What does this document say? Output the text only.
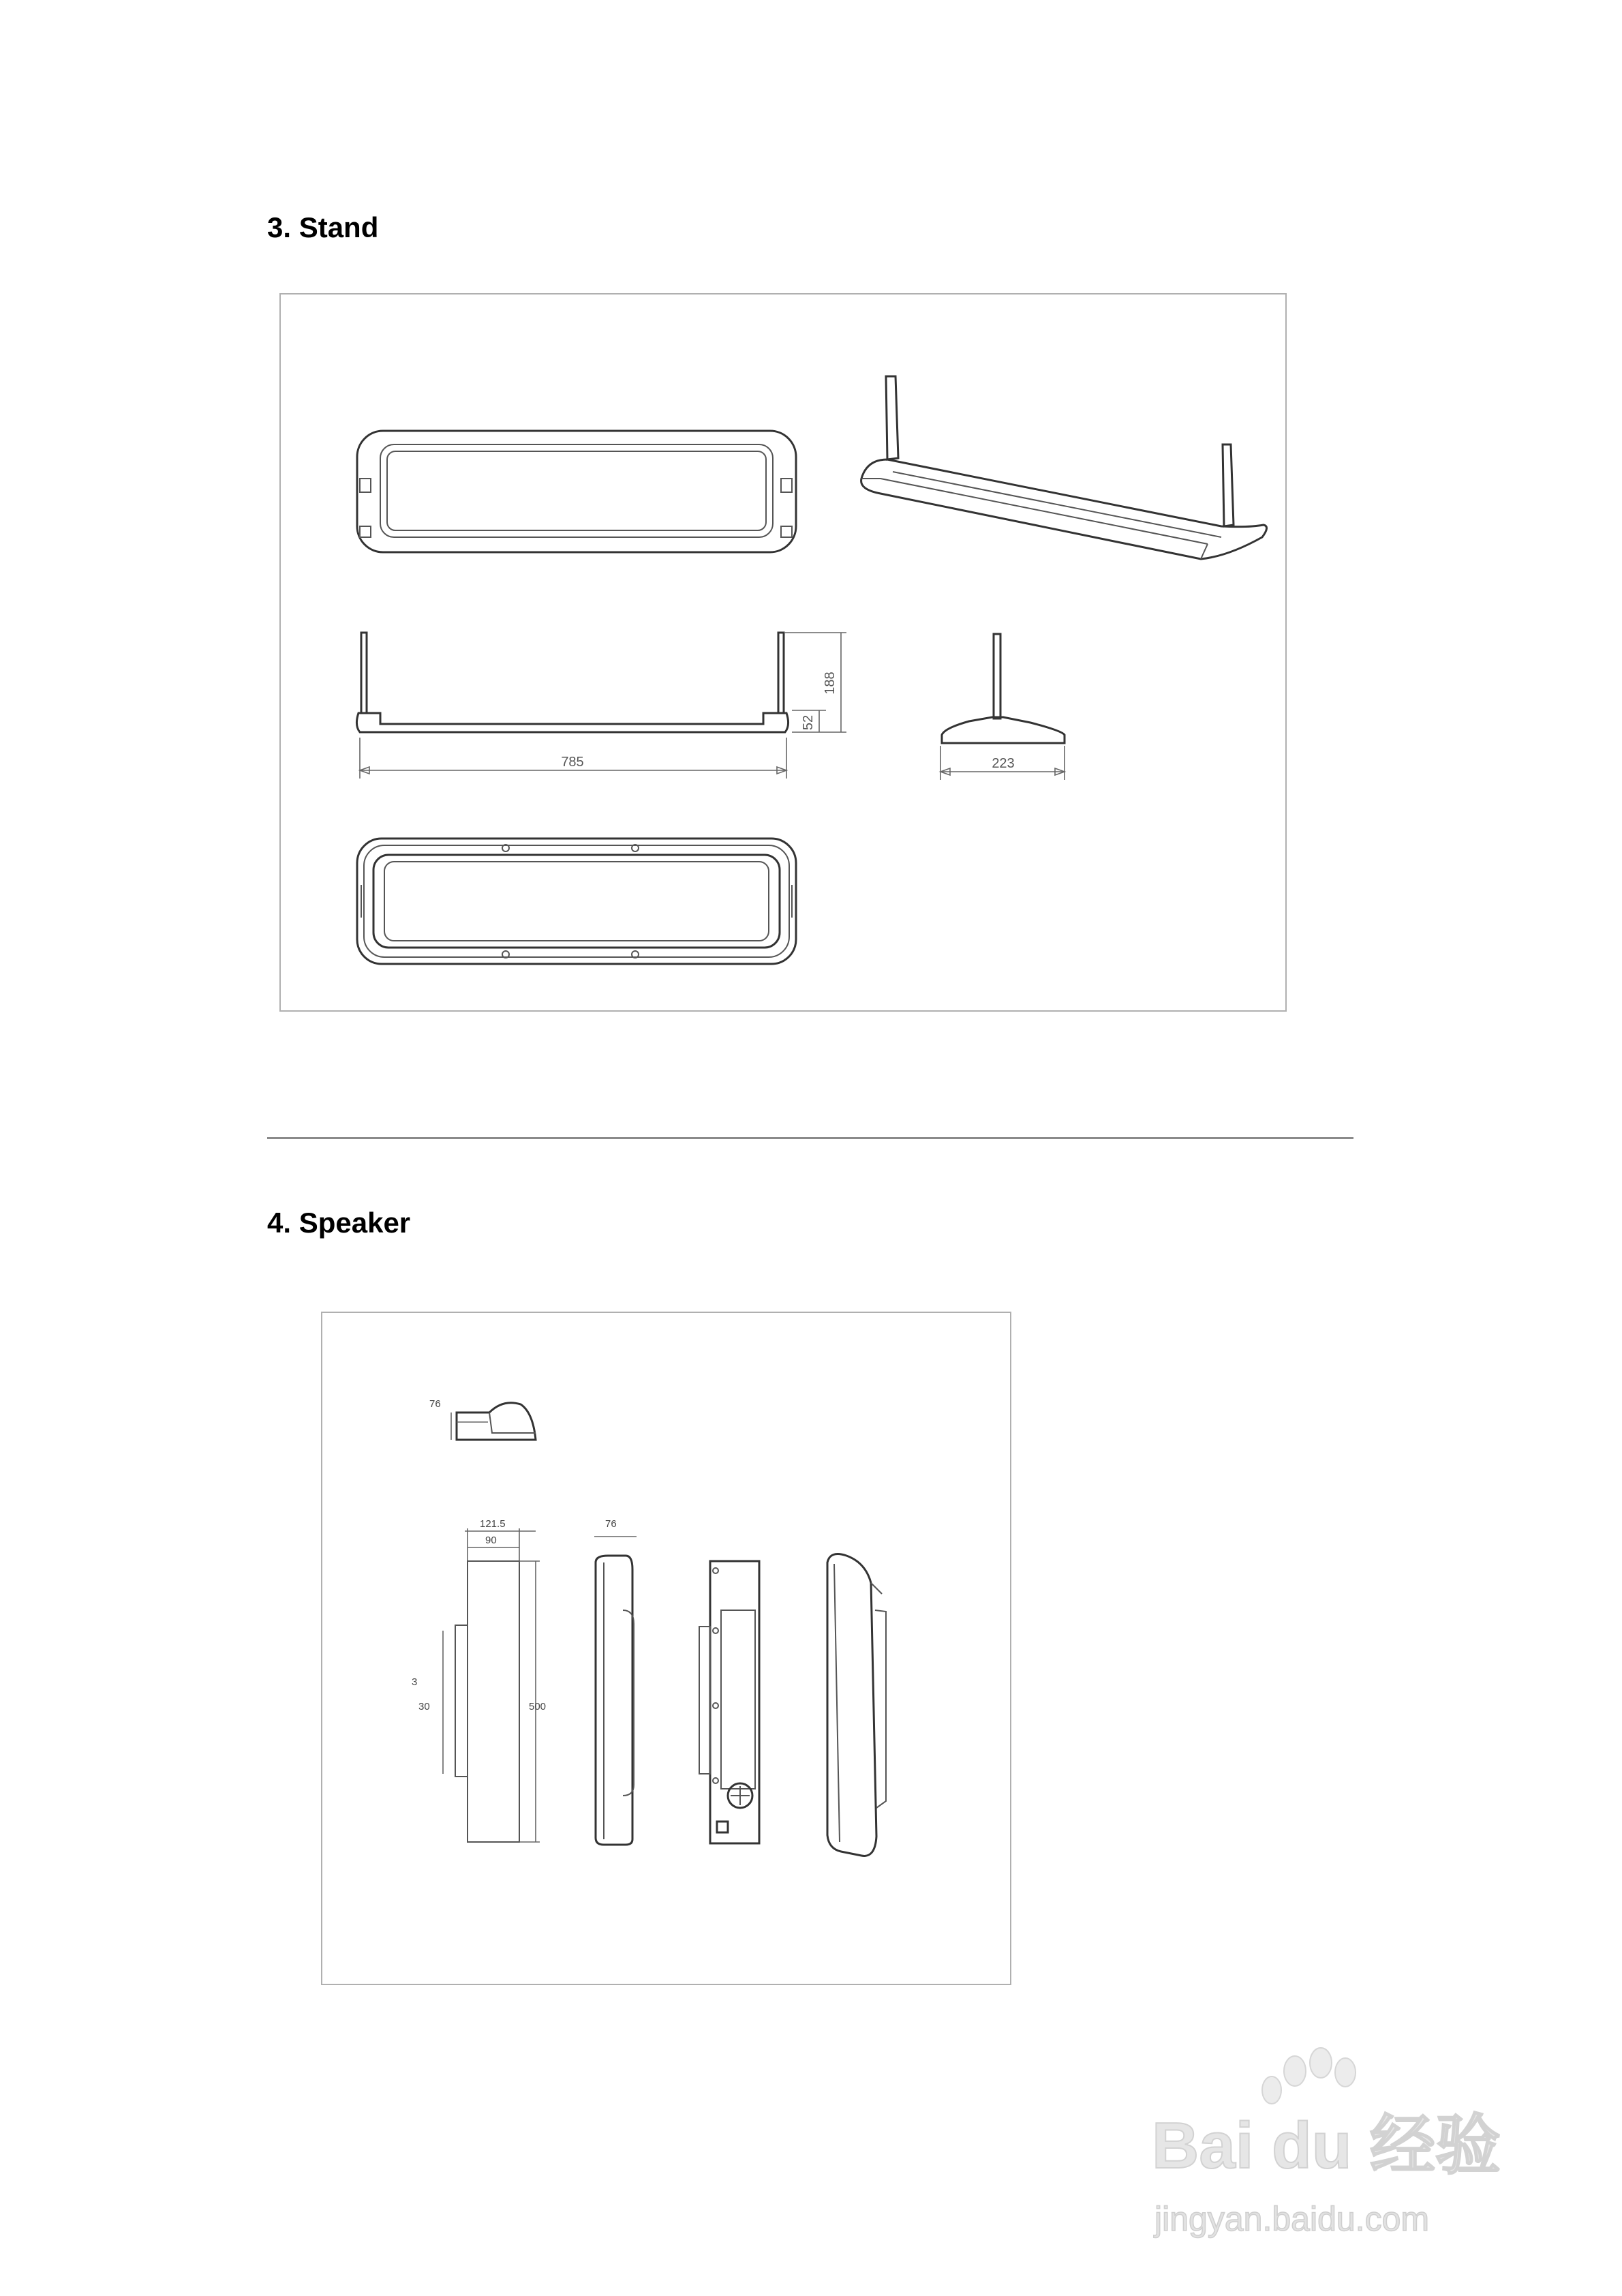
3. Stand
785
188
52
223
4. Speaker
76
121.5
90
3
30	500
76
Bai du 经验
jingyan.baidu.com
